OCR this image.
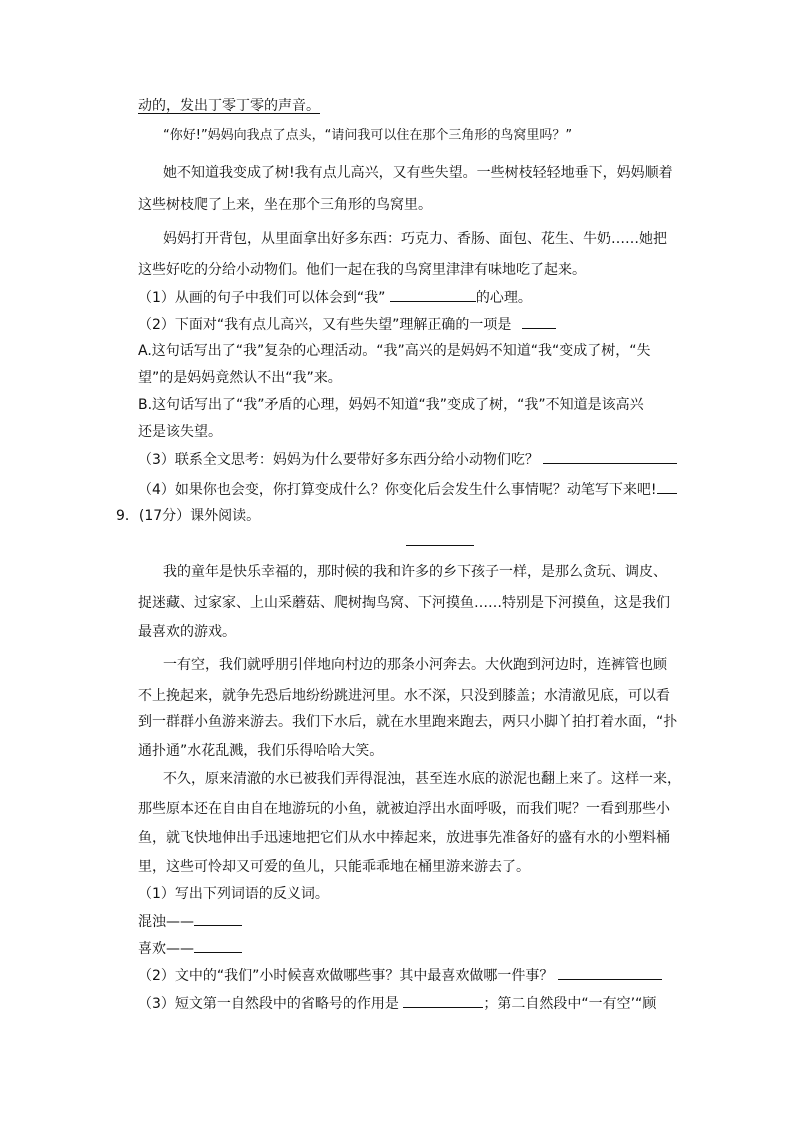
动的，发出丁零丁零的声音。
“你好!”妈妈向我点了点头，“请问我可以住在那个三角形的鸟窝里吗？”
她不知道我变成了树!我有点儿高兴，又有些失望。一些树枝轻轻地垂下，妈妈顺着
这些树枝爬了上来，坐在那个三角形的鸟窝里。
妈妈打开背包，从里面拿出好多东西：巧克力、香肠、面包、花生、牛奶……她把
这些好吃的分给小动物们。他们一起在我的鸟窝里津津有味地吃了起来。
（1）从画的句子中我们可以体会到“我”	的心理。
（2）下面对“我有点儿高兴，又有些失望”理解正确的一项是
A.这句话写出了“我”复杂的心理活动。“我”高兴的是妈妈不知道“我“变成了树，“失
望”的是妈妈竟然认不出“我”来。
B.这句话写出了“我”矛盾的心理，妈妈不知道“我”变成了树，“我”不知道是该高兴
还是该失望。
（3）联系全文思考：妈妈为什么要带好多东西分给小动物们吃？
（4）如果你也会变，你打算变成什么？你变化后会发生什么事情呢？动笔写下来吧!
9．(17分）课外阅读。
我的童年是快乐幸福的，那时候的我和许多的乡下孩子一样，是那么贪玩、调皮、
捉迷藏、过家家、上山采蘑菇、爬树掏鸟窝、下河摸鱼……特别是下河摸鱼，这是我们
最喜欢的游戏。
一有空，我们就呼朋引伴地向村边的那条小河奔去。大伙跑到河边时，连裤管也顾
不上挽起来，就争先恐后地纷纷跳进河里。水不深，只没到膝盖；水清澈见底，可以看
到一群群小鱼游来游去。我们下水后，就在水里跑来跑去，两只小脚丫拍打着水面，“扑
通扑通”水花乱溅，我们乐得哈哈大笑。
不久，原来清澈的水已被我们弄得混浊，甚至连水底的淤泥也翻上来了。这样一来，
那些原本还在自由自在地游玩的小鱼，就被迫浮出水面呼吸，而我们呢？一看到那些小
鱼，就飞快地伸出手迅速地把它们从水中捧起来，放进事先准备好的盛有水的小塑料桶
里，这些可怜却又可爱的鱼儿，只能乖乖地在桶里游来游去了。
（1）写出下列词语的反义词。
混浊——
喜欢——
（2）文中的“我们”小时候喜欢做哪些事？其中最喜欢做哪一件事？
（3）短文第一自然段中的省略号的作用是	；第二自然段中“一有空’“顾
